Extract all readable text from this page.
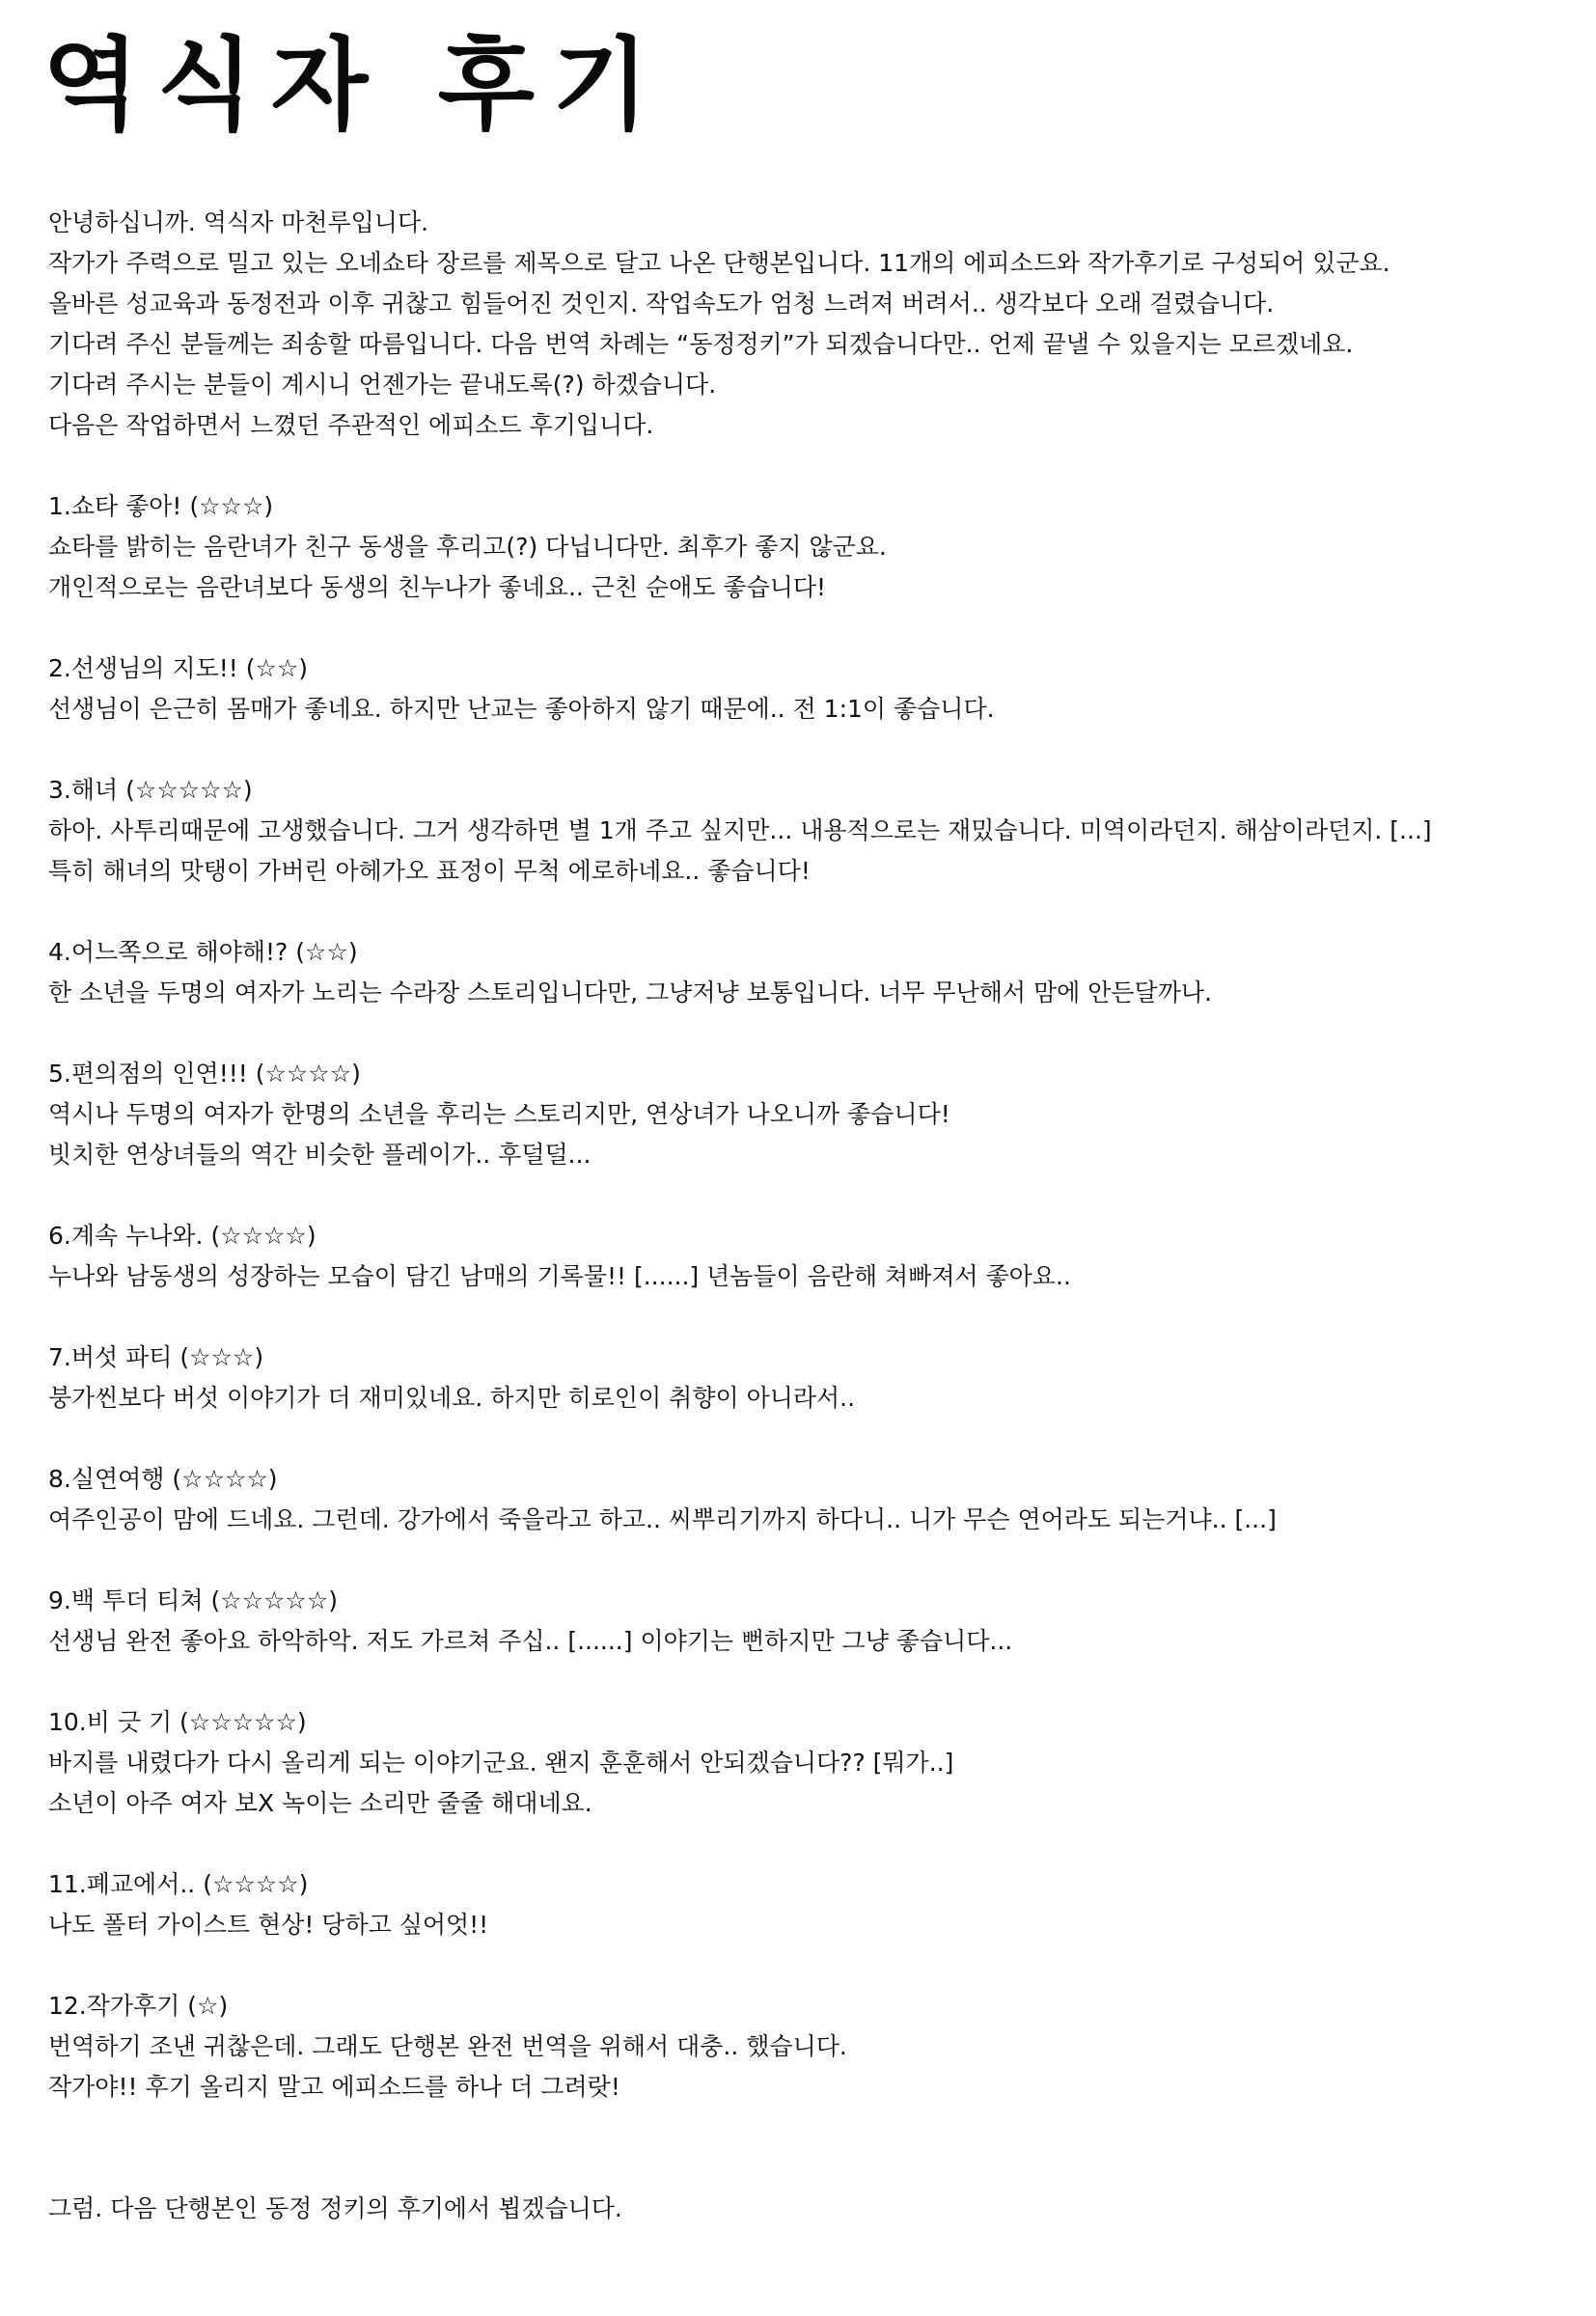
역식자 후기
안녕하십니까. 역식자 마천루입니다.
작가가 주력으로 밀고 있는 오네쇼타 장르를 제목으로 달고 나온 단행본입니다. 11개의 에피소드와 작가후기로 구성되어 있군요.
올바른 성교육과 동정전과 이후 귀찮고 힘들어진 것인지. 작업속도가 엄청 느려져 버려서.. 생각보다 오래 걸렸습니다.
기다려 주신 분들께는 죄송할 따름입니다. 다음 번역 차례는 “동정정키”가 되겠습니다만.. 언제 끝낼 수 있을지는 모르겠네요.
기다려 주시는 분들이 계시니 언젠가는 끝내도록(?) 하겠습니다.
다음은 작업하면서 느꼈던 주관적인 에피소드 후기입니다.
1.쇼타 좋아! (☆☆☆)
쇼타를 밝히는 음란녀가 친구 동생을 후리고(?) 다닙니다만. 최후가 좋지 않군요.
개인적으로는 음란녀보다 동생의 친누나가 좋네요.. 근친 순애도 좋습니다!
2.선생님의 지도!! (☆☆)
선생님이 은근히 몸매가 좋네요. 하지만 난교는 좋아하지 않기 때문에.. 전 1:1이 좋습니다.
3.해녀 (☆☆☆☆☆)
하아. 사투리때문에 고생했습니다. 그거 생각하면 별 1개 주고 싶지만... 내용적으로는 재밌습니다. 미역이라던지. 해삼이라던지. [...]
특히 해녀의 맛탱이 가버린 아헤가오 표정이 무척 에로하네요.. 좋습니다!
4.어느쪽으로 해야해!? (☆☆)
한 소년을 두명의 여자가 노리는 수라장 스토리입니다만, 그냥저냥 보통입니다. 너무 무난해서 맘에 안든달까나.
5.편의점의 인연!!! (☆☆☆☆)
역시나 두명의 여자가 한명의 소년을 후리는 스토리지만, 연상녀가 나오니까 좋습니다!
빗치한 연상녀들의 역간 비슷한 플레이가.. 후덜덜...
6.계속 누나와. (☆☆☆☆)
누나와 남동생의 성장하는 모습이 담긴 남매의 기록물!! [......] 년놈들이 음란해 쳐빠져서 좋아요..
7.버섯 파티 (☆☆☆)
붕가씬보다 버섯 이야기가 더 재미있네요. 하지만 히로인이 취향이 아니라서..
8.실연여행 (☆☆☆☆)
여주인공이 맘에 드네요. 그런데. 강가에서 죽을라고 하고.. 씨뿌리기까지 하다니.. 니가 무슨 연어라도 되는거냐.. [...]
9.백 투더 티쳐 (☆☆☆☆☆)
선생님 완전 좋아요 하악하악. 저도 가르쳐 주십.. [......] 이야기는 뻔하지만 그냥 좋습니다...
10.비 긋 기 (☆☆☆☆☆)
바지를 내렸다가 다시 올리게 되는 이야기군요. 왠지 훈훈해서 안되겠습니다?? [뭐가..]
소년이 아주 여자 보X 녹이는 소리만 줄줄 해대네요.
11.폐교에서.. (☆☆☆☆)
나도 폴터 가이스트 현상! 당하고 싶어엇!!
12.작가후기 (☆)
번역하기 조낸 귀찮은데. 그래도 단행본 완전 번역을 위해서 대충.. 했습니다.
작가야!! 후기 올리지 말고 에피소드를 하나 더 그려랏!
그럼. 다음 단행본인 동정 정키의 후기에서 뵙겠습니다.
